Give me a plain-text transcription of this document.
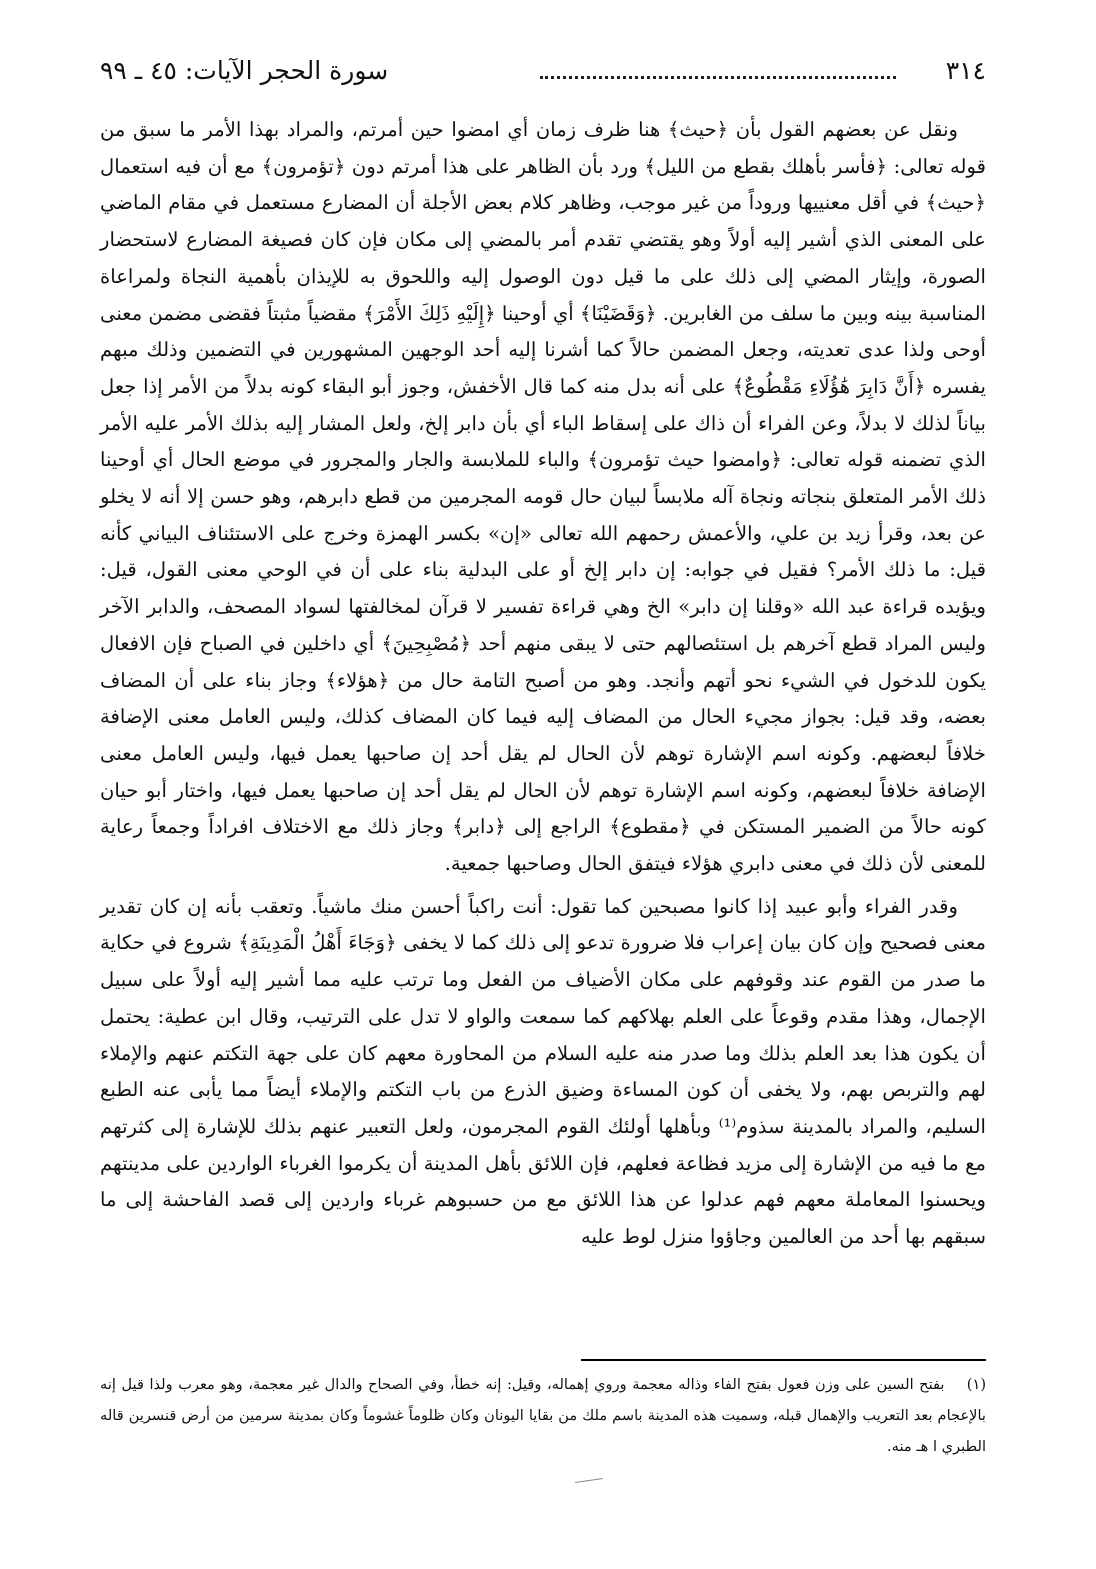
٣١٤
سورة الحجر الآيات: ٤٥ ـ ٩٩

ونقل عن بعضهم القول بأن ﴿حيث﴾ هنا ظرف زمان أي امضوا حين أمرتم، والمراد بهذا الأمر ما سبق من قوله تعالى: ﴿فأسر بأهلك بقطع من الليل﴾ ورد بأن الظاهر على هذا أمرتم دون ﴿تؤمرون﴾ مع أن فيه استعمال ﴿حيث﴾ في أقل معنييها وروداً من غير موجب، وظاهر كلام بعض الأجلة أن المضارع مستعمل في مقام الماضي على المعنى الذي أشير إليه أولاً وهو يقتضي تقدم أمر بالمضي إلى مكان فإن كان فصيغة المضارع لاستحضار الصورة، وإيثار المضي إلى ذلك على ما قيل دون الوصول إليه واللحوق به للإيذان بأهمية النجاة ولمراعاة المناسبة بينه وبين ما سلف من الغابرين. ﴿وَقَضَيْنَا﴾ أي أوحينا ﴿إِلَيْهِ ذَلِكَ الأَمْرَ﴾ مقضياً مثبتاً فقضى مضمن معنى أوحى ولذا عدى تعديته، وجعل المضمن حالاً كما أشرنا إليه أحد الوجهين المشهورين في التضمين وذلك مبهم يفسره ﴿أَنَّ دَابِرَ هَٰؤُلَاءِ مَقْطُوعٌ﴾ على أنه بدل منه كما قال الأخفش، وجوز أبو البقاء كونه بدلاً من الأمر إذا جعل بياناً لذلك لا بدلاً، وعن الفراء أن ذاك على إسقاط الباء أي بأن دابر إلخ، ولعل المشار إليه بذلك الأمر عليه الأمر الذي تضمنه قوله تعالى: ﴿وامضوا حيث تؤمرون﴾ والباء للملابسة والجار والمجرور في موضع الحال أي أوحينا ذلك الأمر المتعلق بنجاته ونجاة آله ملابساً لبيان حال قومه المجرمين من قطع دابرهم، وهو حسن إلا أنه لا يخلو عن بعد، وقرأ زيد بن علي، والأعمش رحمهم الله تعالى «إن» بكسر الهمزة وخرج على الاستئناف البياني كأنه قيل: ما ذلك الأمر؟ فقيل في جوابه: إن دابر إلخ أو على البدلية بناء على أن في الوحي معنى القول، قيل: ويؤيده قراءة عبد الله «وقلنا إن دابر» الخ وهي قراءة تفسير لا قرآن لمخالفتها لسواد المصحف، والدابر الآخر وليس المراد قطع آخرهم بل استئصالهم حتى لا يبقى منهم أحد ﴿مُصْبِحِينَ﴾ أي داخلين في الصباح فإن الافعال يكون للدخول في الشيء نحو أتهم وأنجد. وهو من أصبح التامة حال من ﴿هؤلاء﴾ وجاز بناء على أن المضاف بعضه، وقد قيل: بجواز مجيء الحال من المضاف إليه فيما كان المضاف كذلك، وليس العامل معنى الإضافة خلافاً لبعضهم. وكونه اسم الإشارة توهم لأن الحال لم يقل أحد إن صاحبها يعمل فيها، وليس العامل معنى الإضافة خلافاً لبعضهم، وكونه اسم الإشارة توهم لأن الحال لم يقل أحد إن صاحبها يعمل فيها، واختار أبو حيان كونه حالاً من الضمير المستكن في ﴿مقطوع﴾ الراجع إلى ﴿دابر﴾ وجاز ذلك مع الاختلاف افراداً وجمعاً رعاية للمعنى لأن ذلك في معنى دابري هؤلاء فيتفق الحال وصاحبها جمعية.

وقدر الفراء وأبو عبيد إذا كانوا مصبحين كما تقول: أنت راكباً أحسن منك ماشياً. وتعقب بأنه إن كان تقدير معنى فصحيح وإن كان بيان إعراب فلا ضرورة تدعو إلى ذلك كما لا يخفى ﴿وَجَاءَ أَهْلُ الْمَدِينَةِ﴾ شروع في حكاية ما صدر من القوم عند وقوفهم على مكان الأضياف من الفعل وما ترتب عليه مما أشير إليه أولاً على سبيل الإجمال، وهذا مقدم وقوعاً على العلم بهلاكهم كما سمعت والواو لا تدل على الترتيب، وقال ابن عطية: يحتمل أن يكون هذا بعد العلم بذلك وما صدر منه عليه السلام من المحاورة معهم كان على جهة التكتم عنهم والإملاء لهم والتربص بهم، ولا يخفى أن كون المساءة وضيق الذرع من باب التكتم والإملاء أيضاً مما يأبى عنه الطبع السليم، والمراد بالمدينة سذوم⁽¹⁾ وبأهلها أولئك القوم المجرمون، ولعل التعبير عنهم بذلك للإشارة إلى كثرتهم مع ما فيه من الإشارة إلى مزيد فظاعة فعلهم، فإن اللائق بأهل المدينة أن يكرموا الغرباء الواردين على مدينتهم ويحسنوا المعاملة معهم فهم عدلوا عن هذا اللائق مع من حسبوهم غرباء واردين إلى قصد الفاحشة إلى ما سبقهم بها أحد من العالمين وجاؤوا منزل لوط عليه

(١) بفتح السين على وزن فعول بفتح الفاء وذاله معجمة وروي إهماله، وقيل: إنه خطأ، وفي الصحاح والدال غير معجمة، وهو معرب ولذا قيل إنه بالإعجام بعد التعريب والإهمال قبله، وسميت هذه المدينة باسم ملك من بقايا اليونان وكان ظلوماً غشوماً وكان بمدينة سرمين من أرض قنسرين قاله الطبري ا هـ منه.
